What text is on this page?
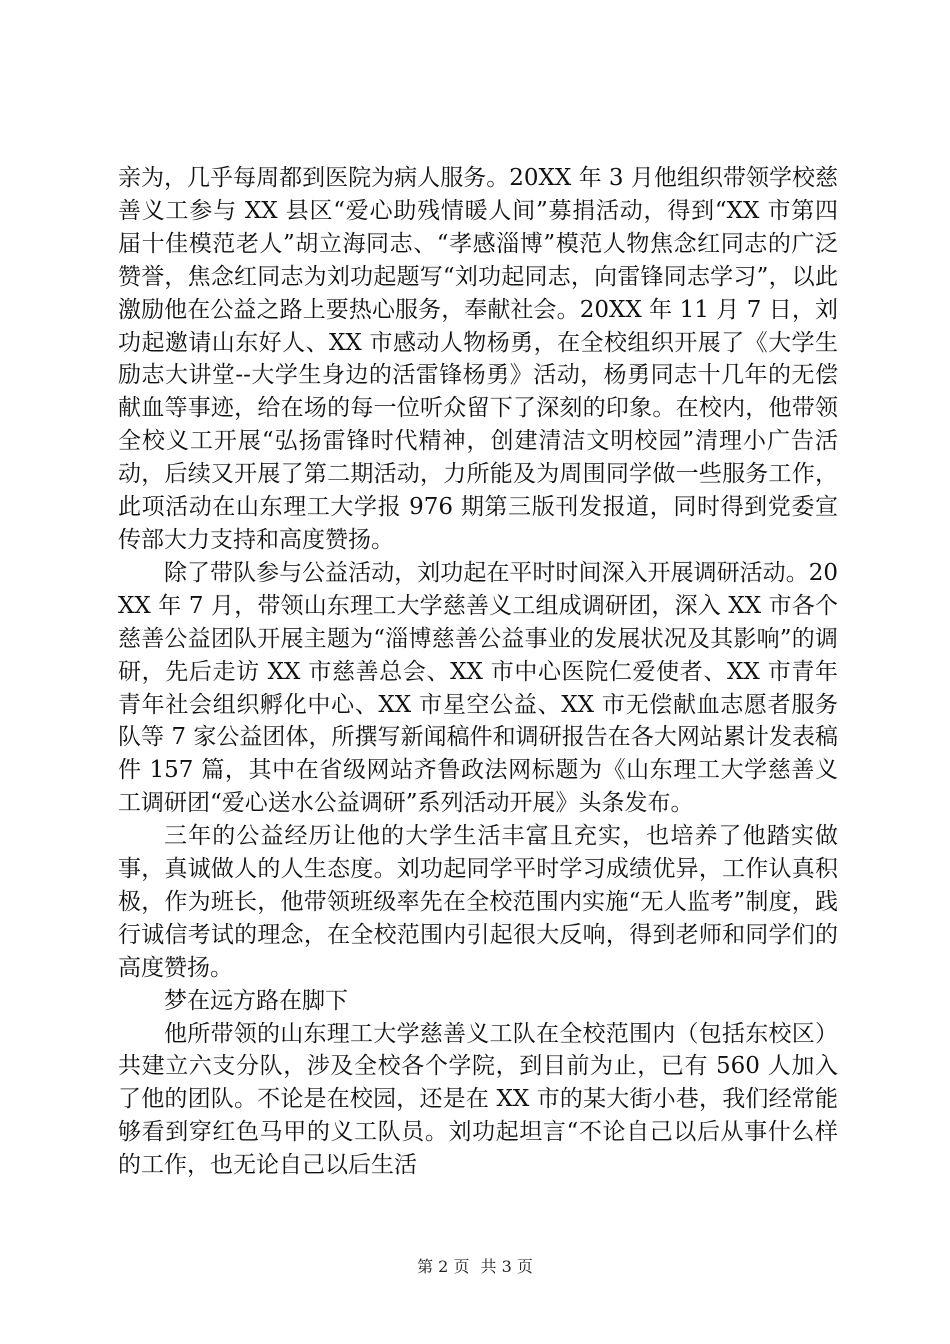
亲为，几乎每周都到医院为病人服务。20XX 年 3 月他组织带领学校慈善义工参与 XX 县区“爱心助残情暖人间”募捐活动，得到“XX 市第四届十佳模范老人”胡立海同志、“孝感淄博”模范人物焦念红同志的广泛赞誉，焦念红同志为刘功起题写“刘功起同志，向雷锋同志学习”，以此激励他在公益之路上要热心服务，奉献社会。20XX 年 11 月 7 日，刘功起邀请山东好人、XX 市感动人物杨勇，在全校组织开展了《大学生励志大讲堂--大学生身边的活雷锋杨勇》活动，杨勇同志十几年的无偿献血等事迹，给在场的每一位听众留下了深刻的印象。在校内，他带领全校义工开展“弘扬雷锋时代精神，创建清洁文明校园”清理小广告活动，后续又开展了第二期活动，力所能及为周围同学做一些服务工作，此项活动在山东理工大学报 976 期第三版刊发报道，同时得到党委宣传部大力支持和高度赞扬。

除了带队参与公益活动，刘功起在平时时间深入开展调研活动。20XX 年 7 月，带领山东理工大学慈善义工组成调研团，深入 XX 市各个慈善公益团队开展主题为“淄博慈善公益事业的发展状况及其影响”的调研，先后走访 XX 市慈善总会、XX 市中心医院仁爱使者、XX 市青年青年社会组织孵化中心、XX 市星空公益、XX 市无偿献血志愿者服务队等 7 家公益团体，所撰写新闻稿件和调研报告在各大网站累计发表稿件 157 篇，其中在省级网站齐鲁政法网标题为《山东理工大学慈善义工调研团“爱心送水公益调研”系列活动开展》头条发布。

三年的公益经历让他的大学生活丰富且充实，也培养了他踏实做事，真诚做人的人生态度。刘功起同学平时学习成绩优异，工作认真积极，作为班长，他带领班级率先在全校范围内实施“无人监考”制度，践行诚信考试的理念，在全校范围内引起很大反响，得到老师和同学们的高度赞扬。

梦在远方路在脚下

他所带领的山东理工大学慈善义工队在全校范围内（包括东校区）共建立六支分队，涉及全校各个学院，到目前为止，已有 560 人加入了他的团队。不论是在校园，还是在 XX 市的某大街小巷，我们经常能够看到穿红色马甲的义工队员。刘功起坦言“不论自己以后从事什么样的工作，也无论自己以后生活

第 2 页 共 3 页
